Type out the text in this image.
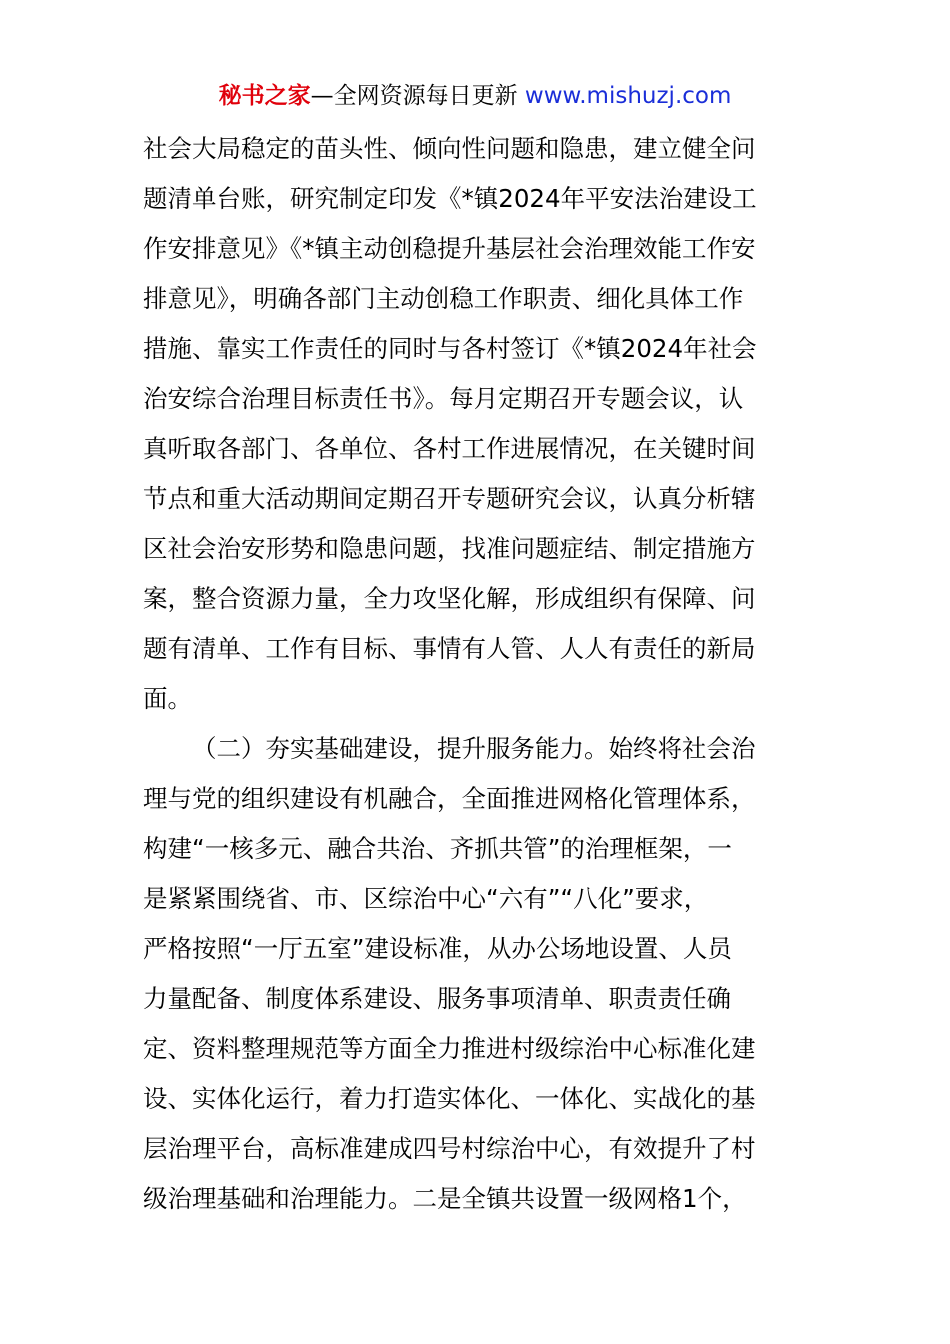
秘书之家—全网资源每日更新 www.mishuzj.com
社会大局稳定的苗头性、倾向性问题和隐患，建立健全问
题清单台账，研究制定印发《*镇2024年平安法治建设工
作安排意见》《*镇主动创稳提升基层社会治理效能工作安
排意见》，明确各部门主动创稳工作职责、细化具体工作
措施、靠实工作责任的同时与各村签订《*镇2024年社会
治安综合治理目标责任书》。每月定期召开专题会议，认
真听取各部门、各单位、各村工作进展情况，在关键时间
节点和重大活动期间定期召开专题研究会议，认真分析辖
区社会治安形势和隐患问题，找准问题症结、制定措施方
案，整合资源力量，全力攻坚化解，形成组织有保障、问
题有清单、工作有目标、事情有人管、人人有责任的新局
面。
（二）夯实基础建设，提升服务能力。始终将社会治
理与党的组织建设有机融合，全面推进网格化管理体系，
构建“一核多元、融合共治、齐抓共管”的治理框架，一
是紧紧围绕省、市、区综治中心“六有”“八化”要求，
严格按照“一厅五室”建设标准，从办公场地设置、人员
力量配备、制度体系建设、服务事项清单、职责责任确
定、资料整理规范等方面全力推进村级综治中心标准化建
设、实体化运行，着力打造实体化、一体化、实战化的基
层治理平台，高标准建成四号村综治中心，有效提升了村
级治理基础和治理能力。二是全镇共设置一级网格1个，
